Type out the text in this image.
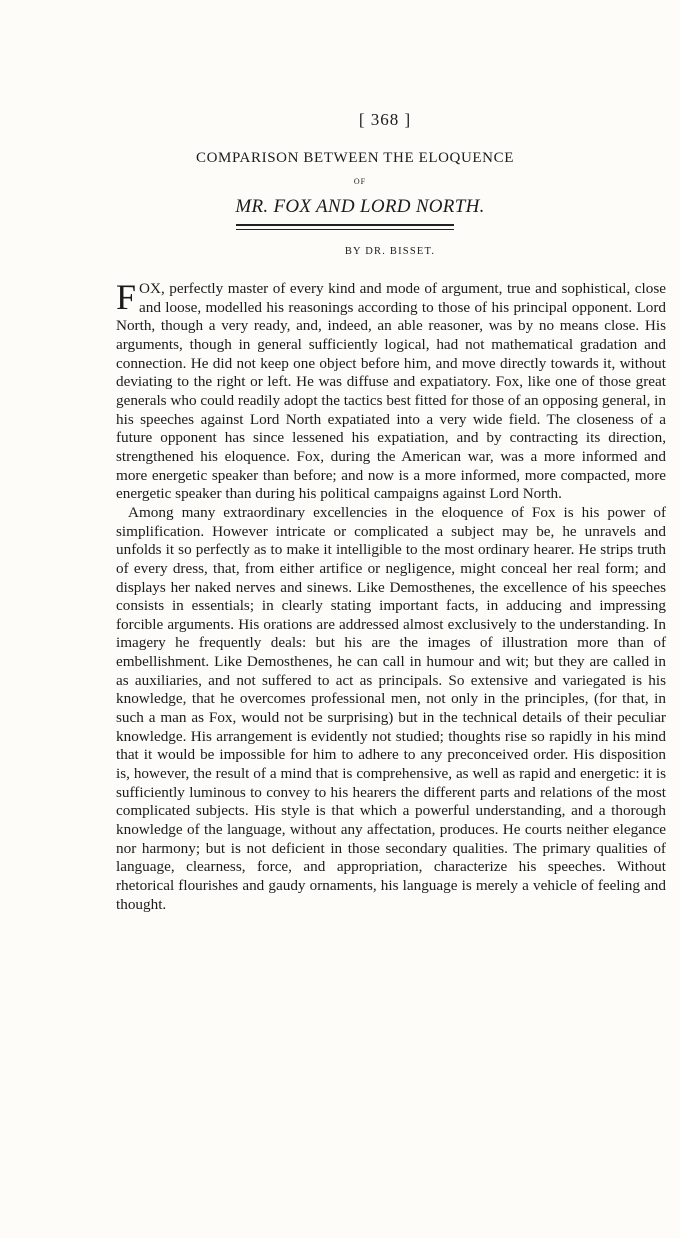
[ 368 ]
COMPARISON BETWEEN THE ELOQUENCE
OF
MR. FOX AND LORD NORTH.
BY DR. BISSET.

FOX, perfectly master of every kind and mode of argument, true and sophistical, close and loose, modelled his reasonings according to those of his principal opponent. Lord North, though a very ready, and, indeed, an able reasoner, was by no means close. His arguments, though in general sufficiently logical, had not mathematical gradation and connection. He did not keep one object before him, and move directly towards it, without deviating to the right or left. He was diffuse and expatiatory. Fox, like one of those great generals who could readily adopt the tactics best fitted for those of an opposing general, in his speeches against Lord North expatiated into a very wide field. The closeness of a future opponent has since lessened his expatiation, and by contracting its direction, strengthened his eloquence. Fox, during the American war, was a more informed and more energetic speaker than before; and now is a more informed, more compacted, more energetic speaker than during his political campaigns against Lord North.

Among many extraordinary excellencies in the eloquence of Fox is his power of simplification. However intricate or complicated a subject may be, he unravels and unfolds it so perfectly as to make it intelligible to the most ordinary hearer. He strips truth of every dress, that, from either artifice or negligence, might conceal her real form; and displays her naked nerves and sinews. Like Demosthenes, the excellence of his speeches consists in essentials; in clearly stating important facts, in adducing and impressing forcible arguments. His orations are addressed almost exclusively to the understanding. In imagery he frequently deals: but his are the images of illustration more than of embellishment. Like Demosthenes, he can call in humour and wit; but they are called in as auxiliaries, and not suffered to act as principals. So extensive and variegated is his knowledge, that he overcomes professional men, not only in the principles, (for that, in such a man as Fox, would not be surprising) but in the technical details of their peculiar knowledge. His arrangement is evidently not studied; thoughts rise so rapidly in his mind that it would be impossible for him to adhere to any preconceived order. His disposition is, however, the result of a mind that is comprehensive, as well as rapid and energetic: it is sufficiently luminous to convey to his hearers the different parts and relations of the most complicated subjects. His style is that which a powerful understanding, and a thorough knowledge of the language, without any affectation, produces. He courts neither elegance nor harmony; but is not deficient in those secondary qualities. The primary qualities of language, clearness, force, and appropriation, characterize his speeches. Without rhetorical flourishes and gaudy ornaments, his language is merely a vehicle of feeling and thought.
